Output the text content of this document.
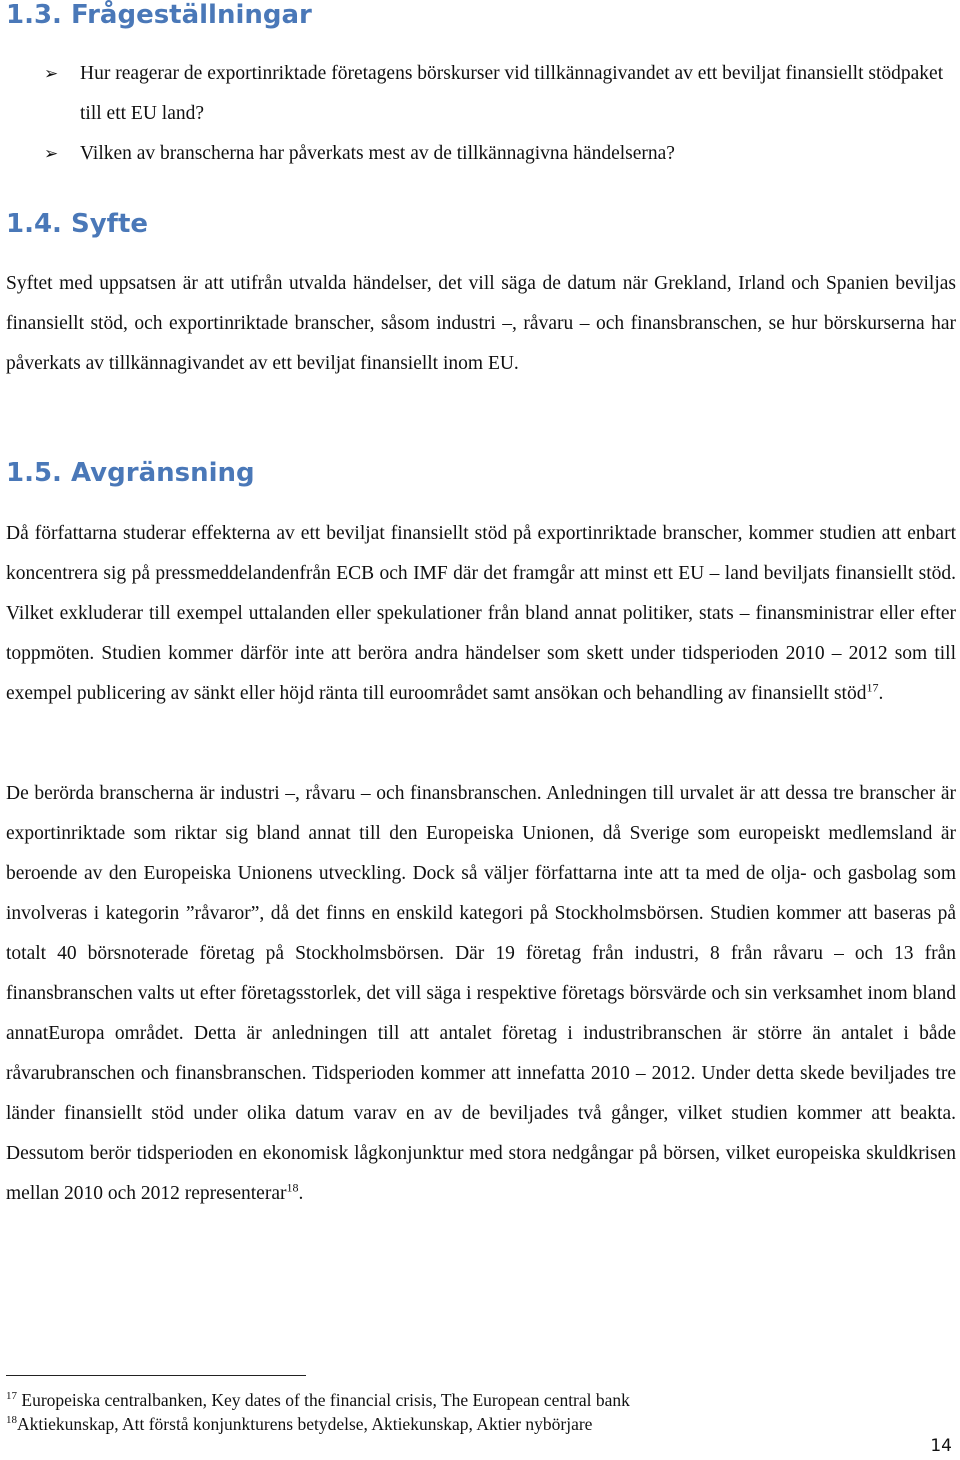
1.3. Frågeställningar
➢	Hur reagerar de exportinriktade företagens börskurser vid tillkännagivandet av ett beviljat finansiellt stödpaket till ett EU land?
➢	Vilken av branscherna har påverkats mest av de tillkännagivna händelserna?
1.4. Syfte

Syftet med uppsatsen är att utifrån utvalda händelser, det vill säga de datum när Grekland, Irland och Spanien beviljas finansiellt stöd, och exportinriktade branscher, såsom industri –, råvaru – och finansbranschen, se hur börskurserna har påverkats av tillkännagivandet av ett beviljat finansiellt inom EU.

1.5. Avgränsning

Då författarna studerar effekterna av ett beviljat finansiellt stöd på exportinriktade branscher, kommer studien att enbart koncentrera sig på pressmeddelandenfrån ECB och IMF där det framgår att minst ett EU – land beviljats finansiellt stöd. Vilket exkluderar till exempel uttalanden eller spekulationer från bland annat politiker, stats – finansministrar eller efter toppmöten. Studien kommer därför inte att beröra andra händelser som skett under tidsperioden 2010 – 2012 som till exempel publicering av sänkt eller höjd ränta till euroområdet samt ansökan och behandling av finansiellt stöd$^{17}$.

De berörda branscherna är industri –, råvaru – och finansbranschen. Anledningen till urvalet är att dessa tre branscher är exportinriktade som riktar sig bland annat till den Europeiska Unionen, då Sverige som europeiskt medlemsland är beroende av den Europeiska Unionens utveckling. Dock så väljer författarna inte att ta med de olja- och gasbolag som involveras i kategorin ”råvaror”, då det finns en enskild kategori på Stockholmsbörsen. Studien kommer att baseras på totalt 40 börsnoterade företag på Stockholmsbörsen. Där 19 företag från industri, 8 från råvaru – och 13 från finansbranschen valts ut efter företagsstorlek, det vill säga i respektive företags börsvärde och sin verksamhet inom bland annatEuropa området. Detta är anledningen till att antalet företag i industribranschen är större än antalet i både råvarubranschen och finansbranschen. Tidsperioden kommer att innefatta 2010 – 2012. Under detta skede beviljades tre länder finansiellt stöd under olika datum varav en av de beviljades två gånger, vilket studien kommer att beakta. Dessutom berör tidsperioden en ekonomisk lågkonjunktur med stora nedgångar på börsen, vilket europeiska skuldkrisen mellan 2010 och 2012 representerar$^{18}$.

$^{17}$ Europeiska centralbanken, Key dates of the financial crisis, The European central bank
$^{18}$Aktiekunskap, Att förstå konjunkturens betydelse, Aktiekunskap, Aktier nybörjare
14
